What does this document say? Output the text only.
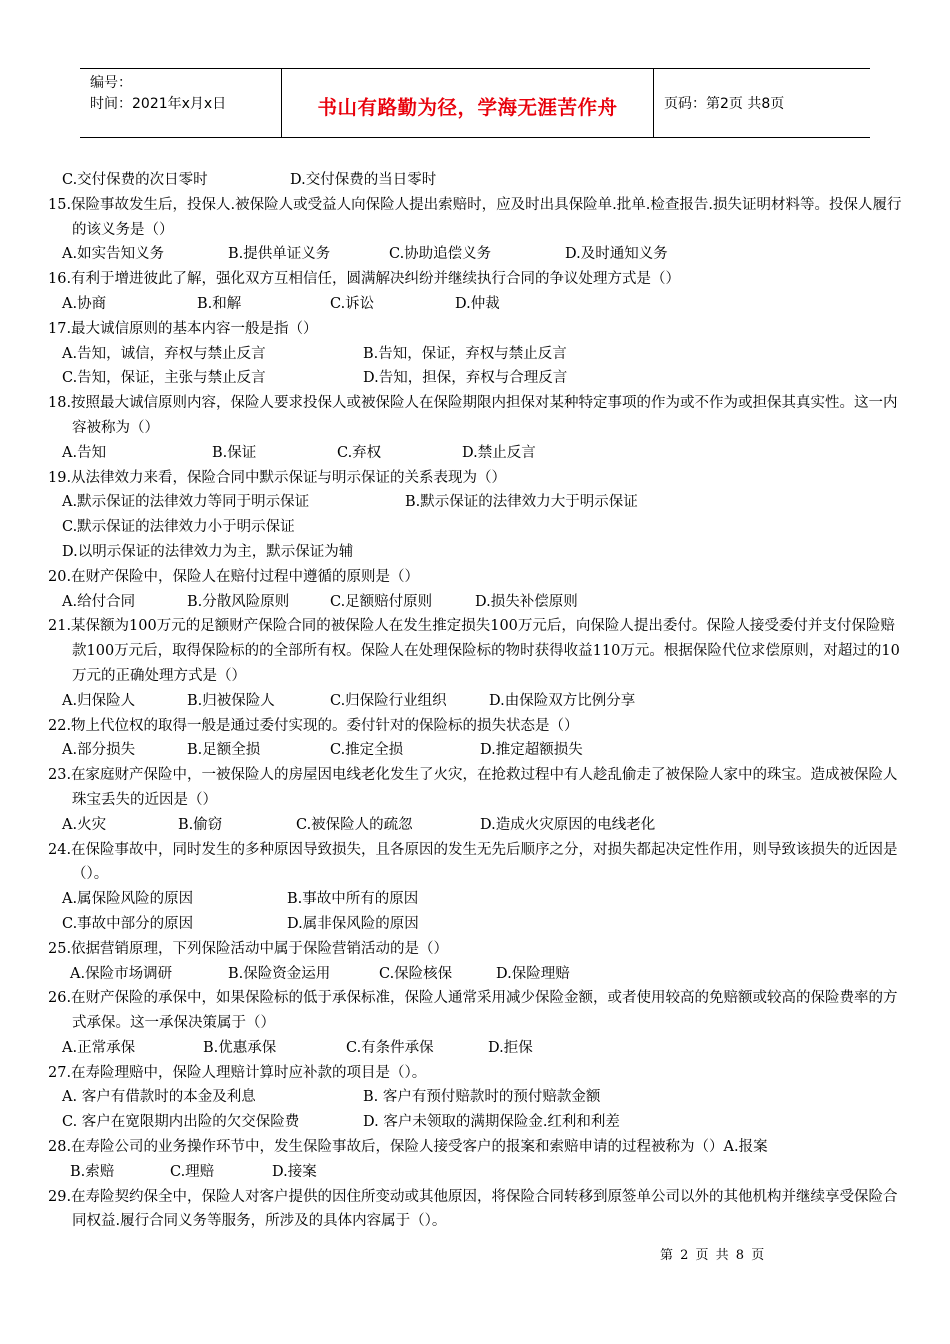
编号：
时间：2021年x月x日	书山有路勤为径，学海无涯苦作舟	页码：第2页 共8页
C.交付保费的次日零时	D.交付保费的当日零时

15.保险事故发生后，投保人.被保险人或受益人向保险人提出索赔时，应及时出具保险单.批单.检查报告.损失证明材料等。投保人履行的该义务是（）

A.如实告知义务	B.提供单证义务	C.协助追偿义务	D.及时通知义务

16.有利于增进彼此了解，强化双方互相信任，圆满解决纠纷并继续执行合同的争议处理方式是（）

A.协商	B.和解	C.诉讼	D.仲裁

17.最大诚信原则的基本内容一般是指（）

A.告知，诚信，弃权与禁止反言	B.告知，保证，弃权与禁止反言
C.告知，保证，主张与禁止反言	D.告知，担保，弃权与合理反言

18.按照最大诚信原则内容，保险人要求投保人或被保险人在保险期限内担保对某种特定事项的作为或不作为或担保其真实性。这一内容被称为（）

A.告知	B.保证	C.弃权	D.禁止反言

19.从法律效力来看，保险合同中默示保证与明示保证的关系表现为（）

A.默示保证的法律效力等同于明示保证	B.默示保证的法律效力大于明示保证
C.默示保证的法律效力小于明示保证
D.以明示保证的法律效力为主，默示保证为辅

20.在财产保险中，保险人在赔付过程中遵循的原则是（）

A.给付合同	B.分散风险原则	C.足额赔付原则	D.损失补偿原则

21.某保额为100万元的足额财产保险合同的被保险人在发生推定损失100万元后，向保险人提出委付。保险人接受委付并支付保险赔款100万元后，取得保险标的的全部所有权。保险人在处理保险标的物时获得收益110万元。根据保险代位求偿原则，对超过的10万元的正确处理方式是（）

A.归保险人	B.归被保险人	C.归保险行业组织	D.由保险双方比例分享

22.物上代位权的取得一般是通过委付实现的。委付针对的保险标的损失状态是（）

A.部分损失	B.足额全损	C.推定全损	D.推定超额损失

23.在家庭财产保险中，一被保险人的房屋因电线老化发生了火灾，在抢救过程中有人趁乱偷走了被保险人家中的珠宝。造成被保险人珠宝丢失的近因是（）

A.火灾	B.偷窃	C.被保险人的疏忽	D.造成火灾原因的电线老化

24.在保险事故中，同时发生的多种原因导致损失，且各原因的发生无先后顺序之分，对损失都起决定性作用，则导致该损失的近因是（）。

A.属保险风险的原因	B.事故中所有的原因
C.事故中部分的原因	D.属非保风险的原因

25.依据营销原理，下列保险活动中属于保险营销活动的是（）

A.保险市场调研	B.保险资金运用	C.保险核保	D.保险理赔

26.在财产保险的承保中，如果保险标的低于承保标准，保险人通常采用减少保险金额，或者使用较高的免赔额或较高的保险费率的方式承保。这一承保决策属于（）

A.正常承保	B.优惠承保	C.有条件承保	D.拒保

27.在寿险理赔中，保险人理赔计算时应补款的项目是（）。

A. 客户有借款时的本金及利息	B. 客户有预付赔款时的预付赔款金额
C. 客户在宽限期内出险的欠交保险费	D. 客户未领取的满期保险金.红利和利差

28.在寿险公司的业务操作环节中，发生保险事故后，保险人接受客户的报案和索赔申请的过程被称为（）A.报案

B.索赔	C.理赔	D.接案

29.在寿险契约保全中，保险人对客户提供的因住所变动或其他原因，将保险合同转移到原签单公司以外的其他机构并继续享受保险合同权益.履行合同义务等服务，所涉及的具体内容属于（）。

第 2 页 共 8 页
